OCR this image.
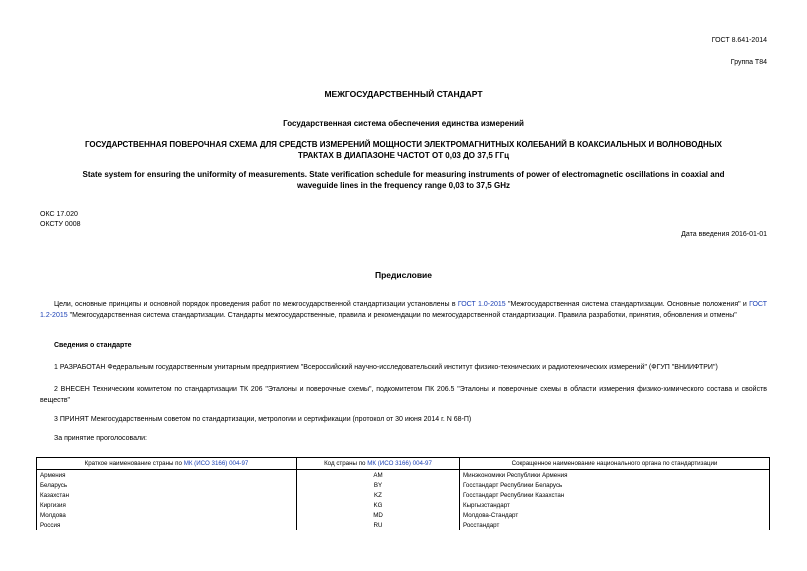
ГОСТ 8.641-2014
Группа Т84
МЕЖГОСУДАРСТВЕННЫЙ СТАНДАРТ
Государственная система обеспечения единства измерений
ГОСУДАРСТВЕННАЯ ПОВЕРОЧНАЯ СХЕМА ДЛЯ СРЕДСТВ ИЗМЕРЕНИЙ МОЩНОСТИ ЭЛЕКТРОМАГНИТНЫХ КОЛЕБАНИЙ В КОАКСИАЛЬНЫХ И ВОЛНОВОДНЫХ
ТРАКТАХ В ДИАПАЗОНЕ ЧАСТОТ ОТ 0,03 ДО 37,5 ГГц
State system for ensuring the uniformity of measurements. State verification schedule for measuring instruments of power of electromagnetic oscillations in coaxial and
waveguide lines in the frequency range 0,03 to 37,5 GHz
ОКС 17.020
ОКСТУ 0008
Дата введения 2016-01-01
Предисловие
Цели, основные принципы и основной порядок проведения работ по межгосударственной стандартизации установлены в ГОСТ 1.0-2015 "Межгосударственная система стандартизации. Основные положения" и ГОСТ 1.2-2015 "Межгосударственная система стандартизации. Стандарты межгосударственные, правила и рекомендации по межгосударственной стандартизации. Правила разработки, принятия, обновления и отмены"
Сведения о стандарте
1 РАЗРАБОТАН Федеральным государственным унитарным предприятием "Всероссийский научно-исследовательский институт физико-технических и радиотехнических измерений" (ФГУП "ВНИИФТРИ")
2 ВНЕСЕН Техническим комитетом по стандартизации ТК 206 "Эталоны и поверочные схемы", подкомитетом ПК 206.5 "Эталоны и поверочные схемы в области измерения физико-химического состава и свойств веществ"
3 ПРИНЯТ Межгосударственным советом по стандартизации, метрологии и сертификации (протокол от 30 июня 2014 г. N 68-П)
За принятие проголосовали:
Краткое наименование страны по МК (ИСО 3166) 004-97	Код страны по МК (ИСО 3166) 004-97	Сокращенное наименование национального органа по стандартизации
Армения	AM	Минэкономики Республики Армения
Беларусь	BY	Госстандарт Республики Беларусь
Казахстан	KZ	Госстандарт Республики Казахстан
Киргизия	KG	Кыргызстандарт
Молдова	MD	Молдова-Стандарт
Россия	RU	Росстандарт
